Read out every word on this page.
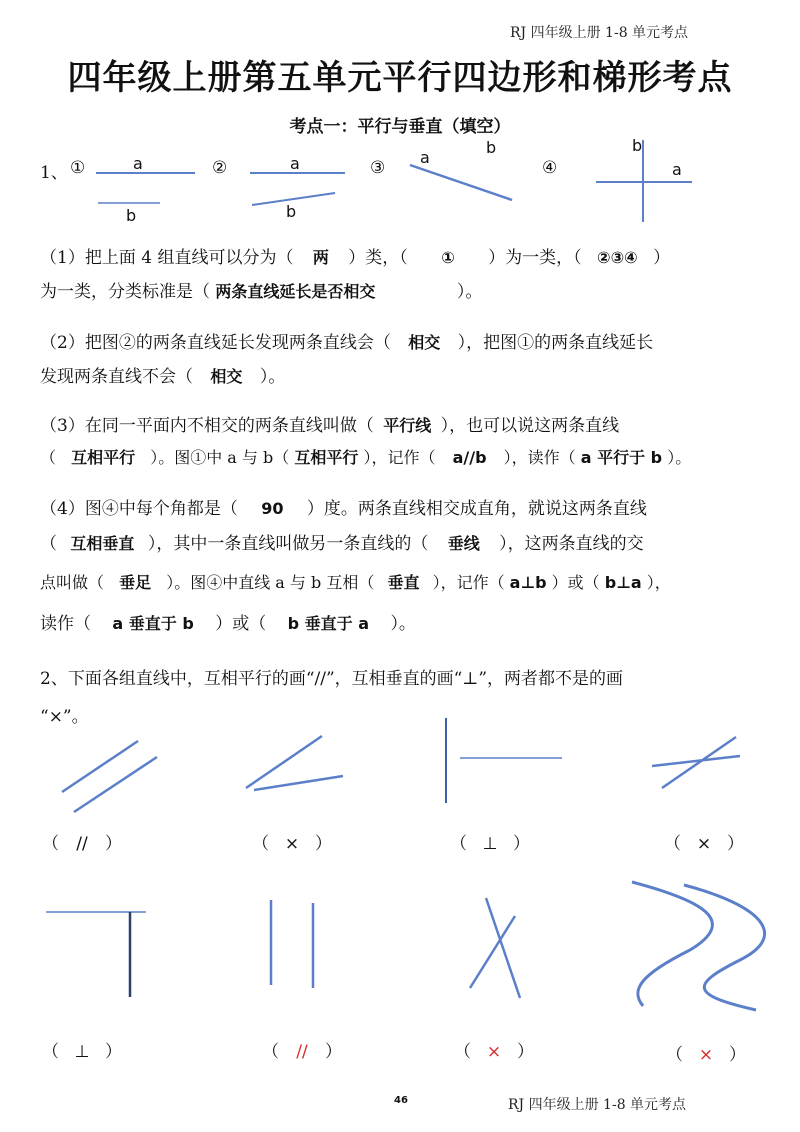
RJ 四年级上册 1-8 单元考点
四年级上册第五单元平行四边形和梯形考点
考点一：平行与垂直（填空）
1、 ①	②	③	④
a
b
a
b
a
b	b
a
（1）把上面 4 组直线可以分为（ 两 ）类，（ ① ）为一类，（ ②③④ ）
为一类，分类标准是（ 两条直线延长是否相交	）。
（2）把图②的两条直线延长发现两条直线会（ 相交 ），把图①的两条直线延长
发现两条直线不会（ 相交 ）。
（3）在同一平面内不相交的两条直线叫做（ 平行线 ），也可以说这两条直线
（ 互相平行 ）。图①中 a 与 b（ 互相平行 ），记作（ a//b ），读作（ a 平行于 b ）。
（4）图④中每个角都是（ 90 ）度。两条直线相交成直角，就说这两条直线
（ 互相垂直 ），其中一条直线叫做另一条直线的（ 垂线 ），这两条直线的交
点叫做（ 垂足 ）。图④中直线 a 与 b 互相（ 垂直 ），记作（ a⊥b ）或（ b⊥a ），
读作（ a 垂直于 b ）或（ b 垂直于 a ）。
2、下面各组直线中，互相平行的画“//”，互相垂直的画“⊥”，两者都不是的画
“×”。
（ // ）	（ × ）	（ ⊥ ）	（ × ）
（ ⊥ ）	（ // ）	（ × ）	（ × ）
46	RJ 四年级上册 1-8 单元考点
